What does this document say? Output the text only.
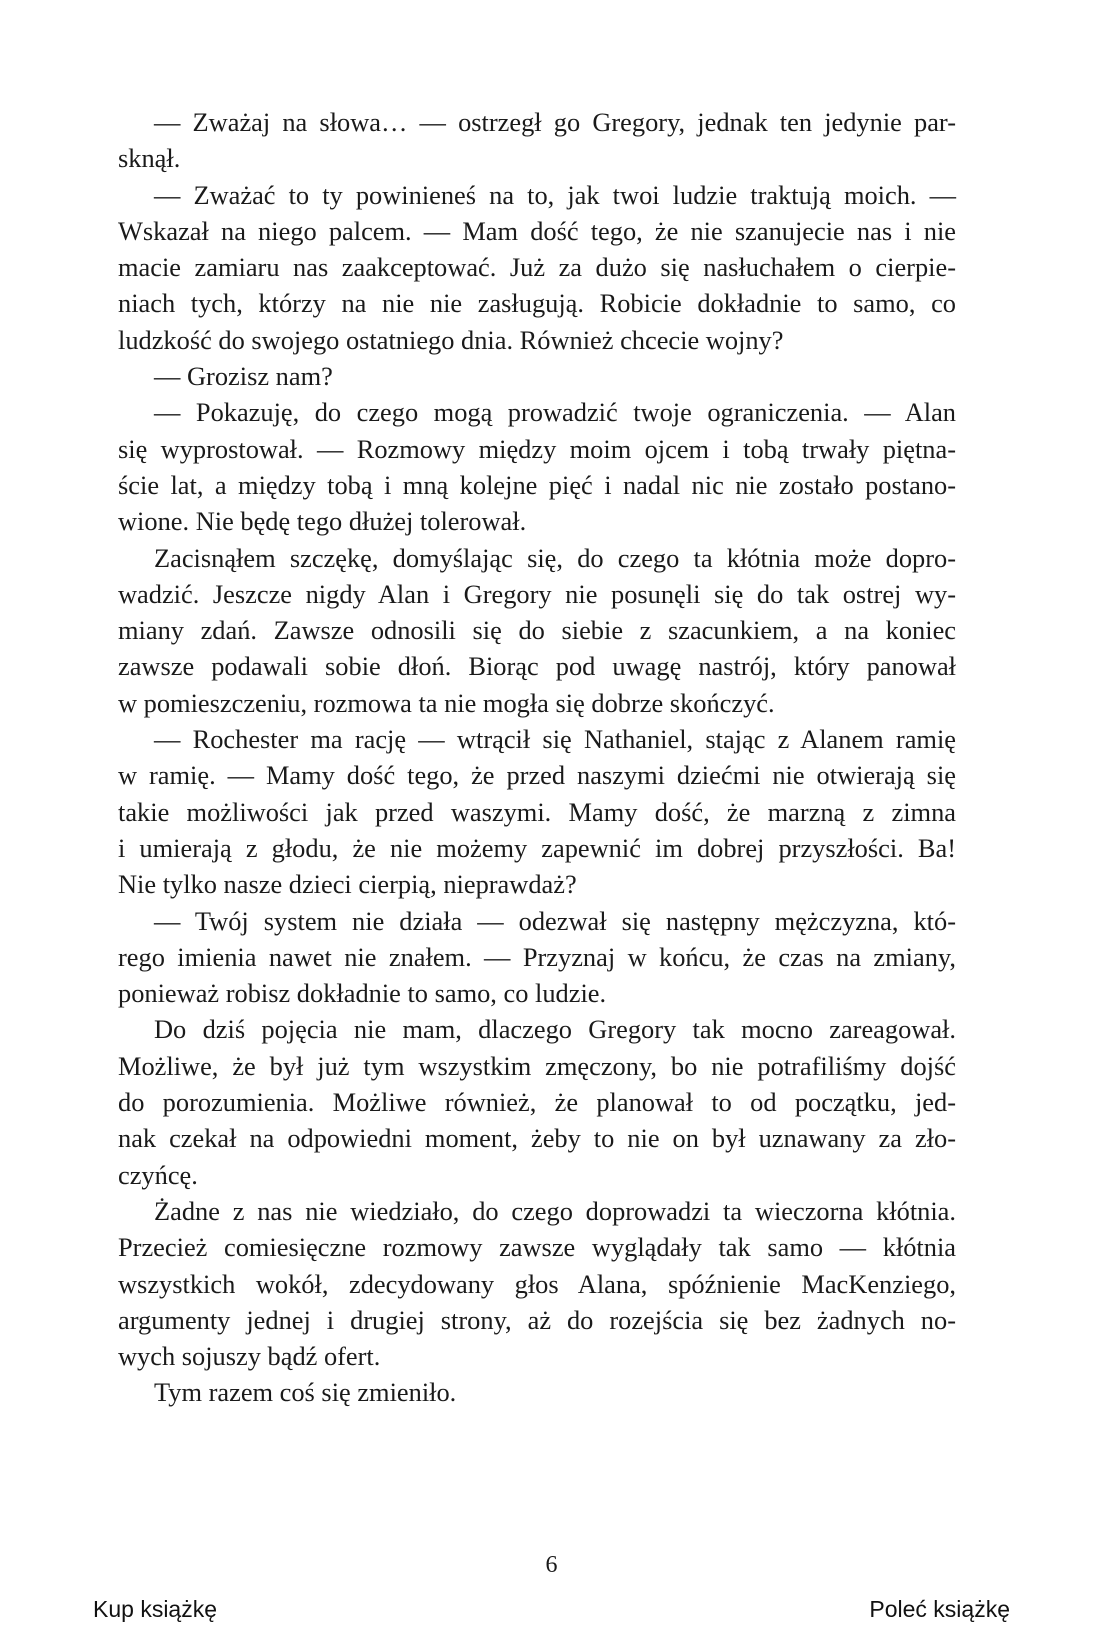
— Zważaj na słowa… — ostrzegł go Gregory, jednak ten jedynie par-
sknął.
— Zważać to ty powinieneś na to, jak twoi ludzie traktują moich. —
Wskazał na niego palcem. — Mam dość tego, że nie szanujecie nas i nie
macie zamiaru nas zaakceptować. Już za dużo się nasłuchałem o cierpie-
niach tych, którzy na nie nie zasługują. Robicie dokładnie to samo, co
ludzkość do swojego ostatniego dnia. Również chcecie wojny?
— Grozisz nam?
— Pokazuję, do czego mogą prowadzić twoje ograniczenia. — Alan
się wyprostował. — Rozmowy między moim ojcem i tobą trwały piętna-
ście lat, a między tobą i mną kolejne pięć i nadal nic nie zostało postano-
wione. Nie będę tego dłużej tolerował.
Zacisnąłem szczękę, domyślając się, do czego ta kłótnia może dopro-
wadzić. Jeszcze nigdy Alan i Gregory nie posunęli się do tak ostrej wy-
miany zdań. Zawsze odnosili się do siebie z szacunkiem, a na koniec
zawsze podawali sobie dłoń. Biorąc pod uwagę nastrój, który panował
w pomieszczeniu, rozmowa ta nie mogła się dobrze skończyć.
— Rochester ma rację — wtrącił się Nathaniel, stając z Alanem ramię
w ramię. — Mamy dość tego, że przed naszymi dziećmi nie otwierają się
takie możliwości jak przed waszymi. Mamy dość, że marzną z zimna
i umierają z głodu, że nie możemy zapewnić im dobrej przyszłości. Ba!
Nie tylko nasze dzieci cierpią, nieprawdaż?
— Twój system nie działa — odezwał się następny mężczyzna, któ-
rego imienia nawet nie znałem. — Przyznaj w końcu, że czas na zmiany,
ponieważ robisz dokładnie to samo, co ludzie.
Do dziś pojęcia nie mam, dlaczego Gregory tak mocno zareagował.
Możliwe, że był już tym wszystkim zmęczony, bo nie potrafiliśmy dojść
do porozumienia. Możliwe również, że planował to od początku, jed-
nak czekał na odpowiedni moment, żeby to nie on był uznawany za zło-
czyńcę.
Żadne z nas nie wiedziało, do czego doprowadzi ta wieczorna kłótnia.
Przecież comiesięczne rozmowy zawsze wyglądały tak samo — kłótnia
wszystkich wokół, zdecydowany głos Alana, spóźnienie MacKenziego,
argumenty jednej i drugiej strony, aż do rozejścia się bez żadnych no-
wych sojuszy bądź ofert.
Tym razem coś się zmieniło.
6
Kup książkę	Poleć książkę
